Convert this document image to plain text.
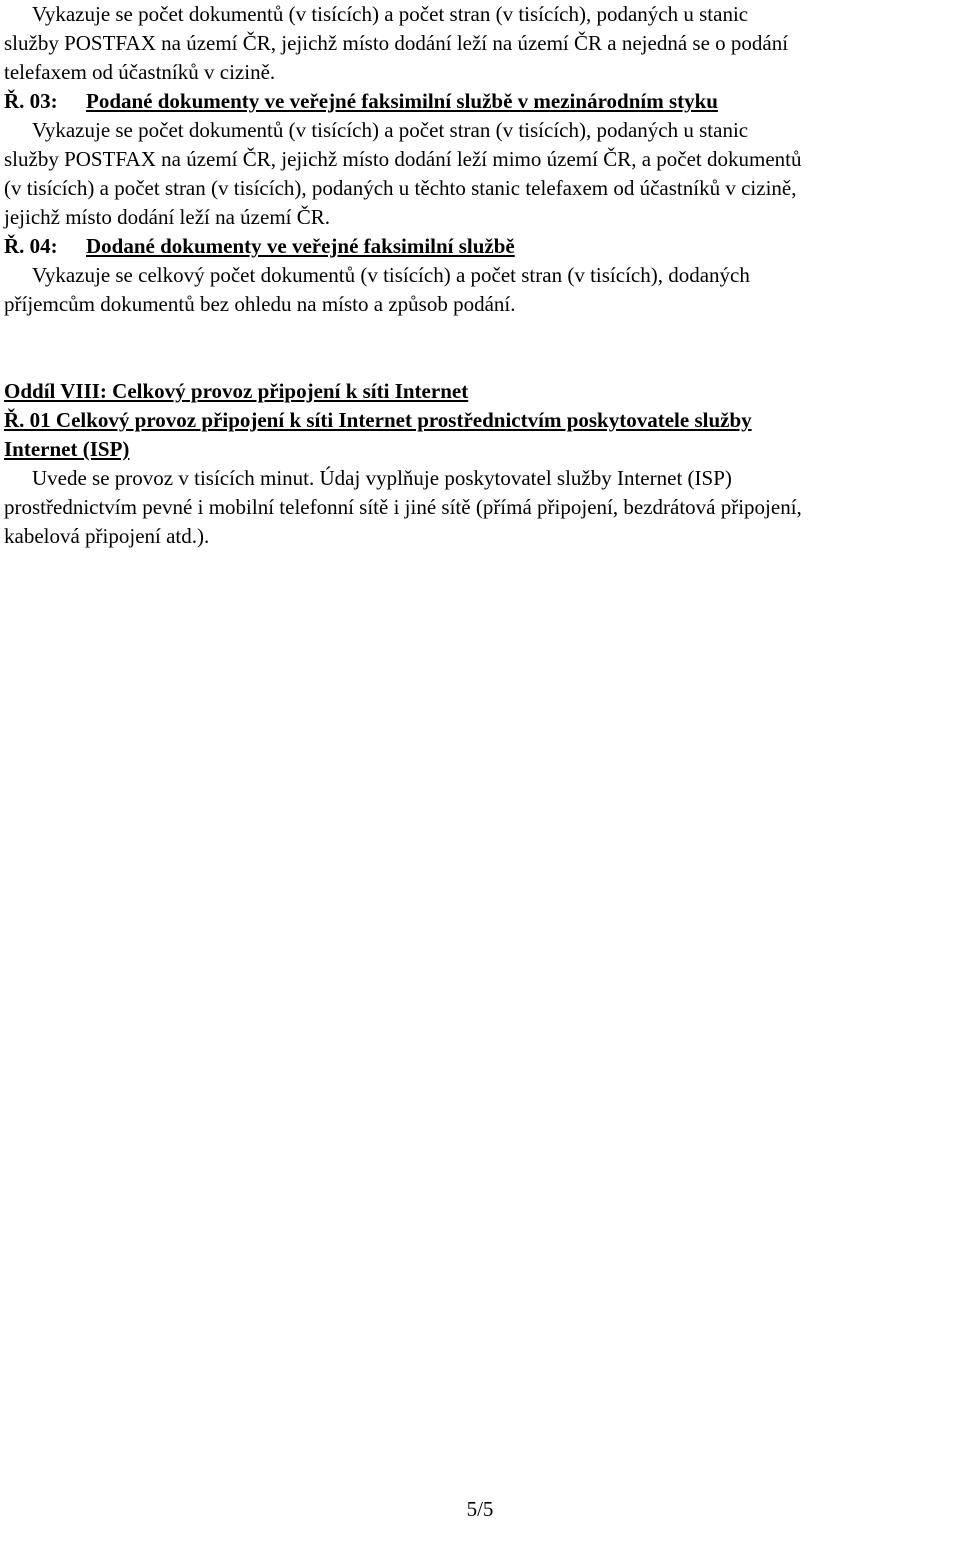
Vykazuje se počet dokumentů (v tisících) a počet stran (v tisících), podaných u stanic

služby POSTFAX na území ČR, jejichž místo dodání leží na území ČR a nejedná se o podání

telefaxem od účastníků v cizině.

Ř. 03: Podané dokumenty ve veřejné faksimilní službě v mezinárodním styku

Vykazuje se počet dokumentů (v tisících) a počet stran (v tisících), podaných u stanic

služby POSTFAX na území ČR, jejichž místo dodání leží mimo území ČR, a počet dokumentů

(v tisících) a počet stran (v tisících), podaných u těchto stanic telefaxem od účastníků v cizině,

jejichž místo dodání leží na území ČR.

Ř. 04: Dodané dokumenty ve veřejné faksimilní službě

Vykazuje se celkový počet dokumentů (v tisících) a počet stran (v tisících), dodaných

příjemcům dokumentů bez ohledu na místo a způsob podání.

Oddíl VIII: Celkový provoz připojení k síti Internet

Ř. 01 Celkový provoz připojení k síti Internet prostřednictvím poskytovatele služby

Internet (ISP)

Uvede se provoz v tisících minut. Údaj vyplňuje poskytovatel služby Internet (ISP)

prostřednictvím pevné i mobilní telefonní sítě i jiné sítě (přímá připojení, bezdrátová připojení,

kabelová připojení atd.).

5/5
